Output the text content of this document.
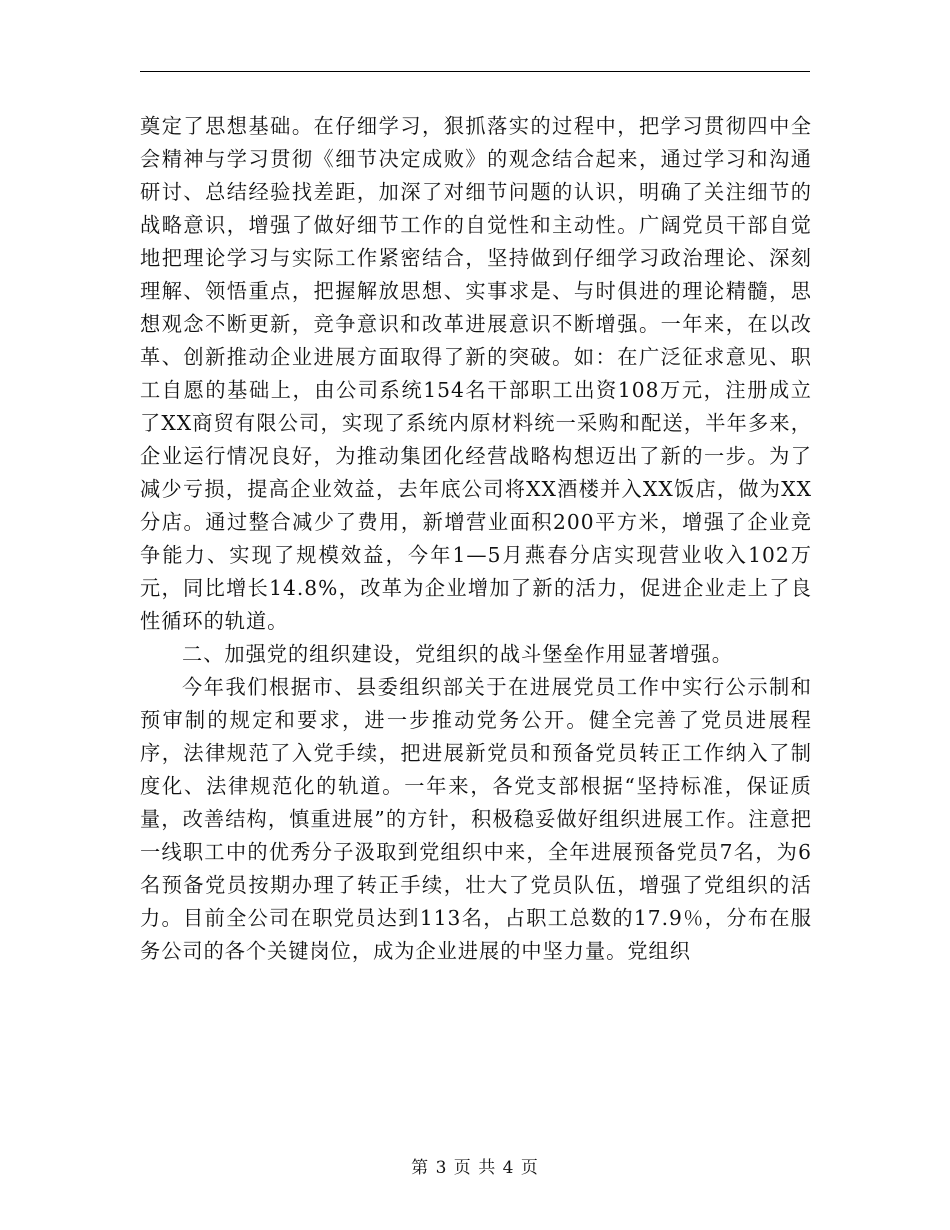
奠定了思想基础。在仔细学习，狠抓落实的过程中，把学习贯彻四中全会精神与学习贯彻《细节决定成败》的观念结合起来，通过学习和沟通研讨、总结经验找差距，加深了对细节问题的认识，明确了关注细节的战略意识，增强了做好细节工作的自觉性和主动性。广阔党员干部自觉地把理论学习与实际工作紧密结合，坚持做到仔细学习政治理论、深刻理解、领悟重点，把握解放思想、实事求是、与时俱进的理论精髓，思想观念不断更新，竞争意识和改革进展意识不断增强。一年来，在以改革、创新推动企业进展方面取得了新的突破。如：在广泛征求意见、职工自愿的基础上，由公司系统154名干部职工出资108万元，注册成立了XX商贸有限公司，实现了系统内原材料统一采购和配送，半年多来，企业运行情况良好，为推动集团化经营战略构想迈出了新的一步。为了减少亏损，提高企业效益，去年底公司将XX酒楼并入XX饭店，做为XX分店。通过整合减少了费用，新增营业面积200平方米，增强了企业竞争能力、实现了规模效益，今年1—5月燕春分店实现营业收入102万元，同比增长14.8%，改革为企业增加了新的活力，促进企业走上了良性循环的轨道。

二、加强党的组织建设，党组织的战斗堡垒作用显著增强。

今年我们根据市、县委组织部关于在进展党员工作中实行公示制和预审制的规定和要求，进一步推动党务公开。健全完善了党员进展程序，法律规范了入党手续，把进展新党员和预备党员转正工作纳入了制度化、法律规范化的轨道。一年来，各党支部根据“坚持标准，保证质量，改善结构，慎重进展”的方针，积极稳妥做好组织进展工作。注意把一线职工中的优秀分子汲取到党组织中来，全年进展预备党员7名，为6名预备党员按期办理了转正手续，壮大了党员队伍，增强了党组织的活力。目前全公司在职党员达到113名，占职工总数的17.9％，分布在服务公司的各个关键岗位，成为企业进展的中坚力量。党组织

第 3 页 共 4 页
